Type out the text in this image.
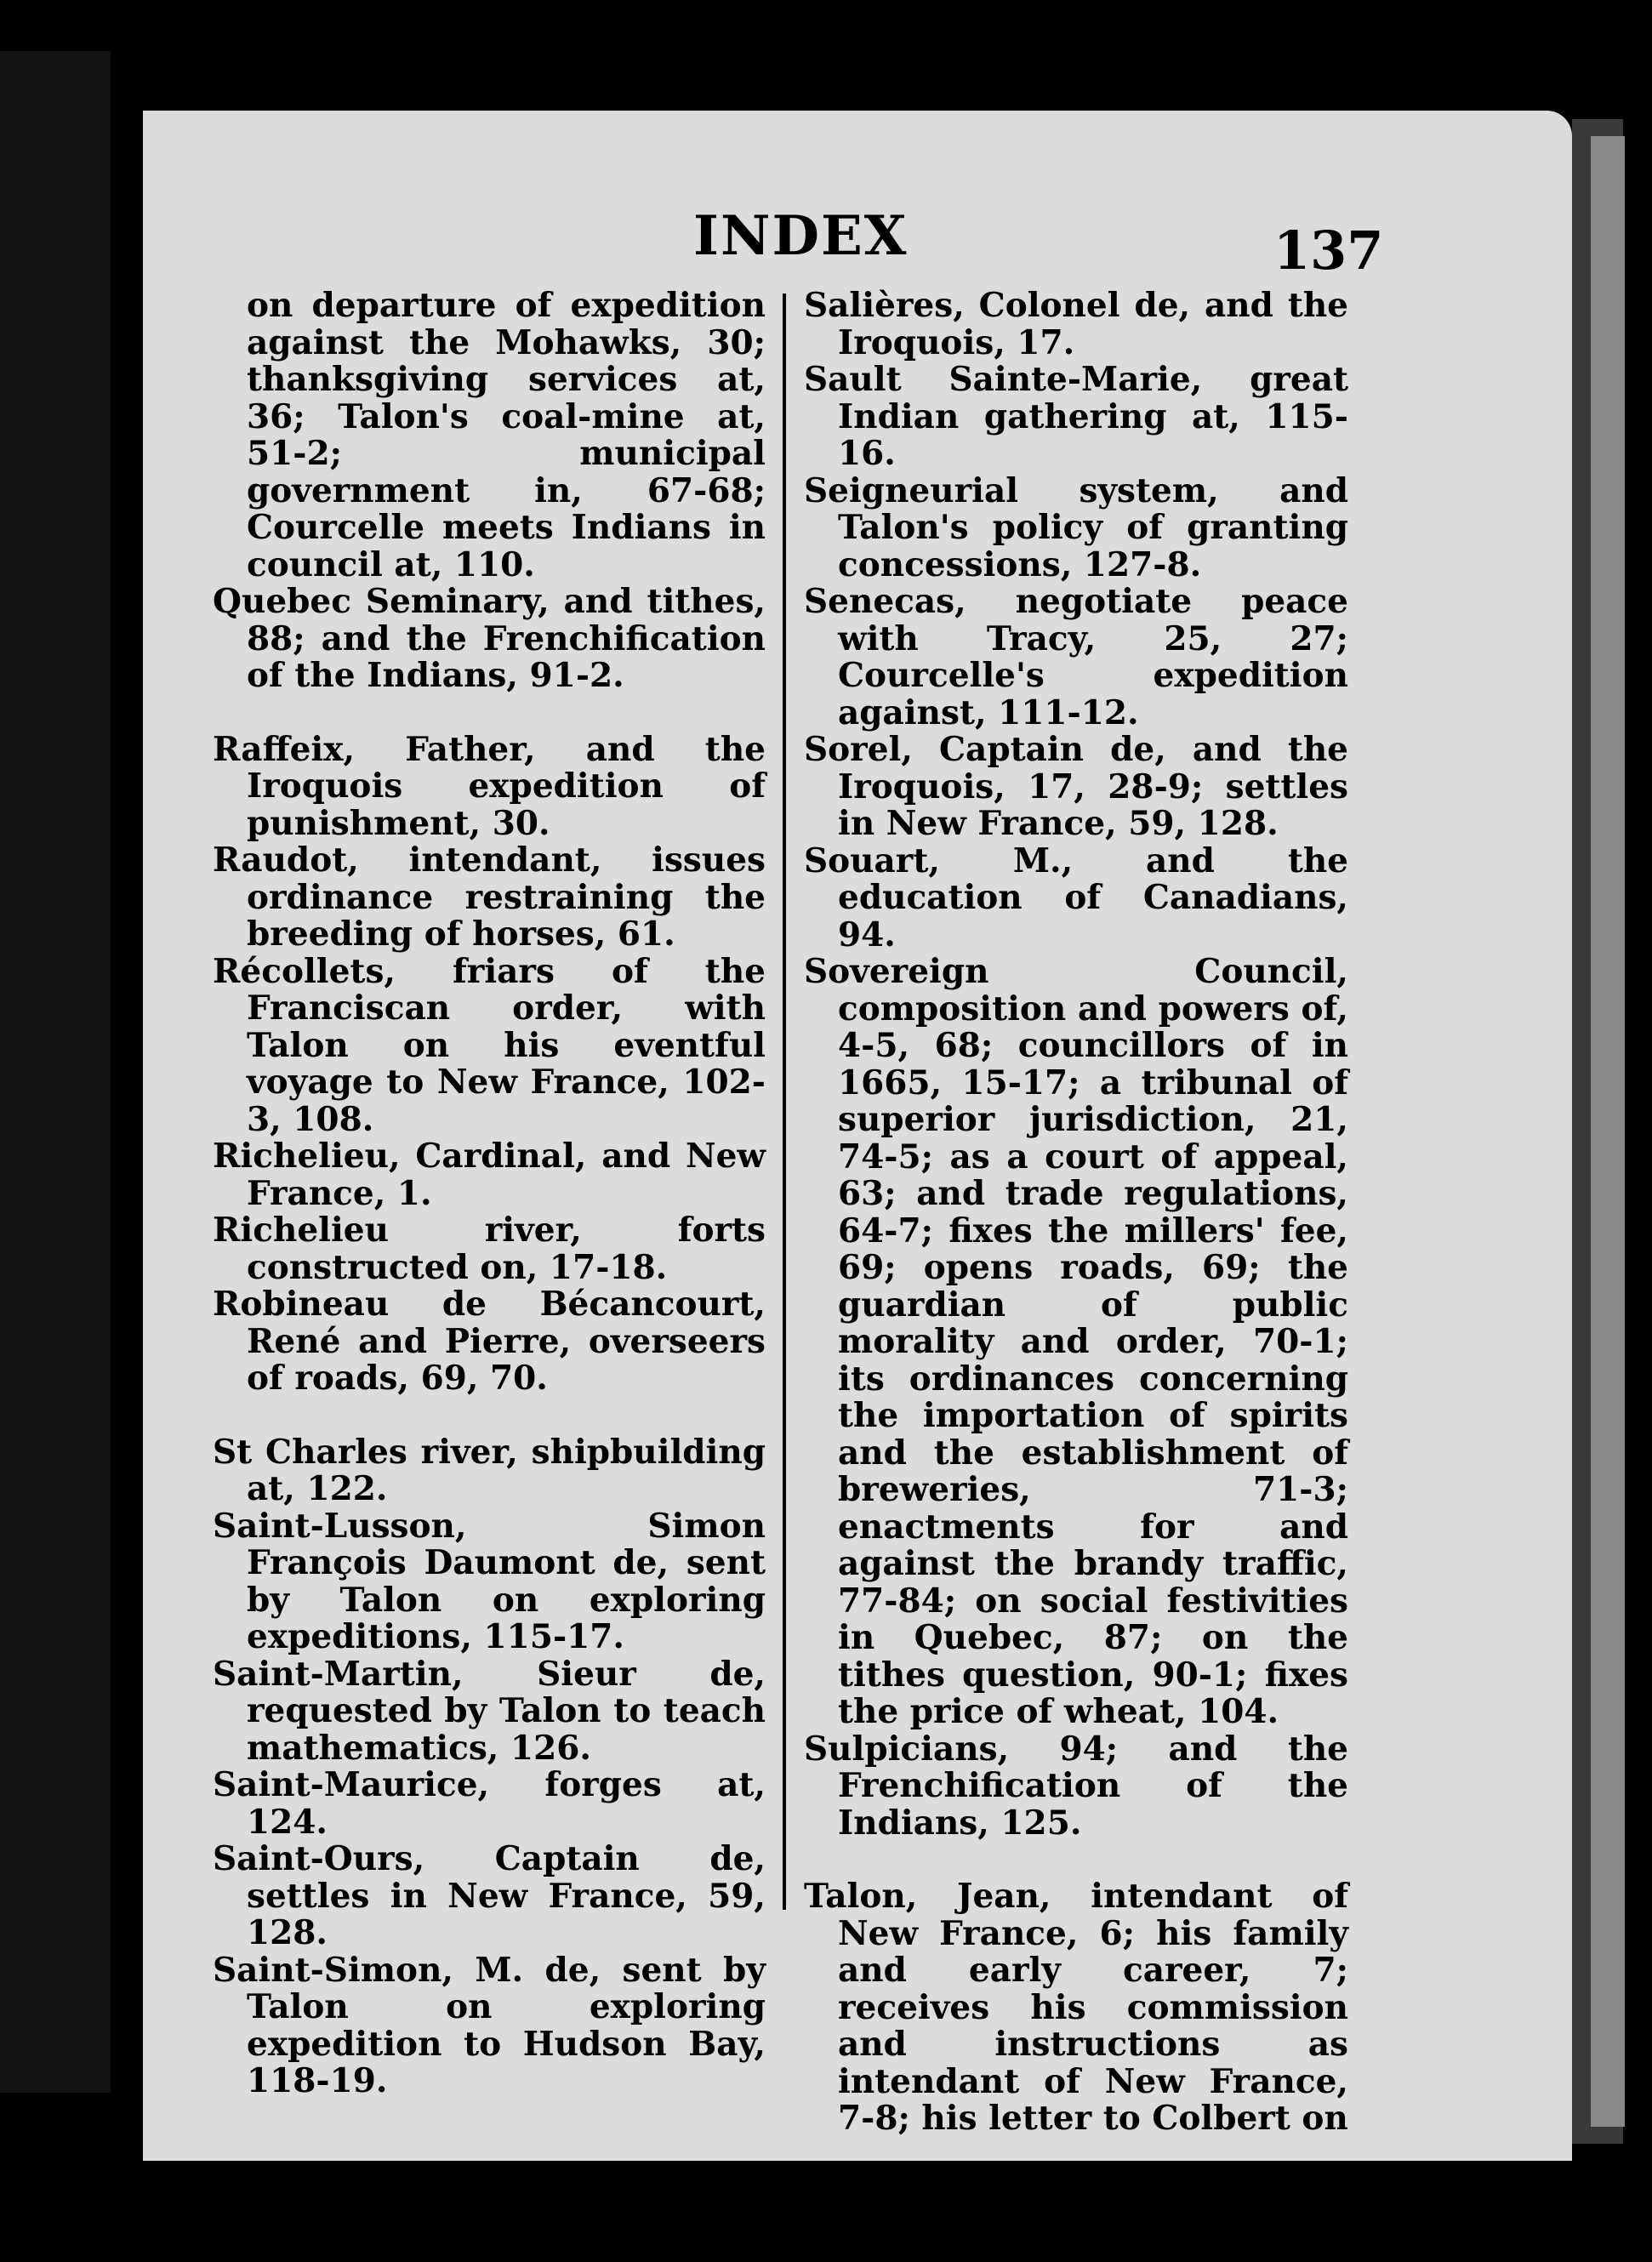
INDEX	137

on departure of expedition against the Mohawks, 30; thanksgiving services at, 36; Talon's coal-mine at, 51-2; municipal government in, 67-68; Courcelle meets Indians in council at, 110.

Quebec Seminary, and tithes, 88; and the Frenchification of the Indians, 91-2.

Raffeix, Father, and the Iroquois expedition of punishment, 30.

Raudot, intendant, issues ordinance restraining the breeding of horses, 61.

Récollets, friars of the Franciscan order, with Talon on his eventful voyage to New France, 102-3, 108.

Richelieu, Cardinal, and New France, 1.

Richelieu river, forts constructed on, 17-18.

Robineau de Bécancourt, René and Pierre, overseers of roads, 69, 70.

St Charles river, shipbuilding at, 122.

Saint-Lusson, Simon François Daumont de, sent by Talon on exploring expeditions, 115-17.

Saint-Martin, Sieur de, requested by Talon to teach mathematics, 126.

Saint-Maurice, forges at, 124.

Saint-Ours, Captain de, settles in New France, 59, 128.

Saint-Simon, M. de, sent by Talon on exploring expedition to Hudson Bay, 118-19.

Salières, Colonel de, and the Iroquois, 17.

Sault Sainte-Marie, great Indian gathering at, 115-16.

Seigneurial system, and Talon's policy of granting concessions, 127-8.

Senecas, negotiate peace with Tracy, 25, 27; Courcelle's expedition against, 111-12.

Sorel, Captain de, and the Iroquois, 17, 28-9; settles in New France, 59, 128.

Souart, M., and the education of Canadians, 94.

Sovereign Council, composition and powers of, 4-5, 68; councillors of in 1665, 15-17; a tribunal of superior jurisdiction, 21, 74-5; as a court of appeal, 63; and trade regulations, 64-7; fixes the millers' fee, 69; opens roads, 69; the guardian of public morality and order, 70-1; its ordinances concerning the importation of spirits and the establishment of breweries, 71-3; enactments for and against the brandy traffic, 77-84; on social festivities in Quebec, 87; on the tithes question, 90-1; fixes the price of wheat, 104.

Sulpicians, 94; and the Frenchification of the Indians, 125.

Talon, Jean, intendant of New France, 6; his family and early career, 7; receives his commission and instructions as intendant of New France, 7-8; his letter to Colbert on
